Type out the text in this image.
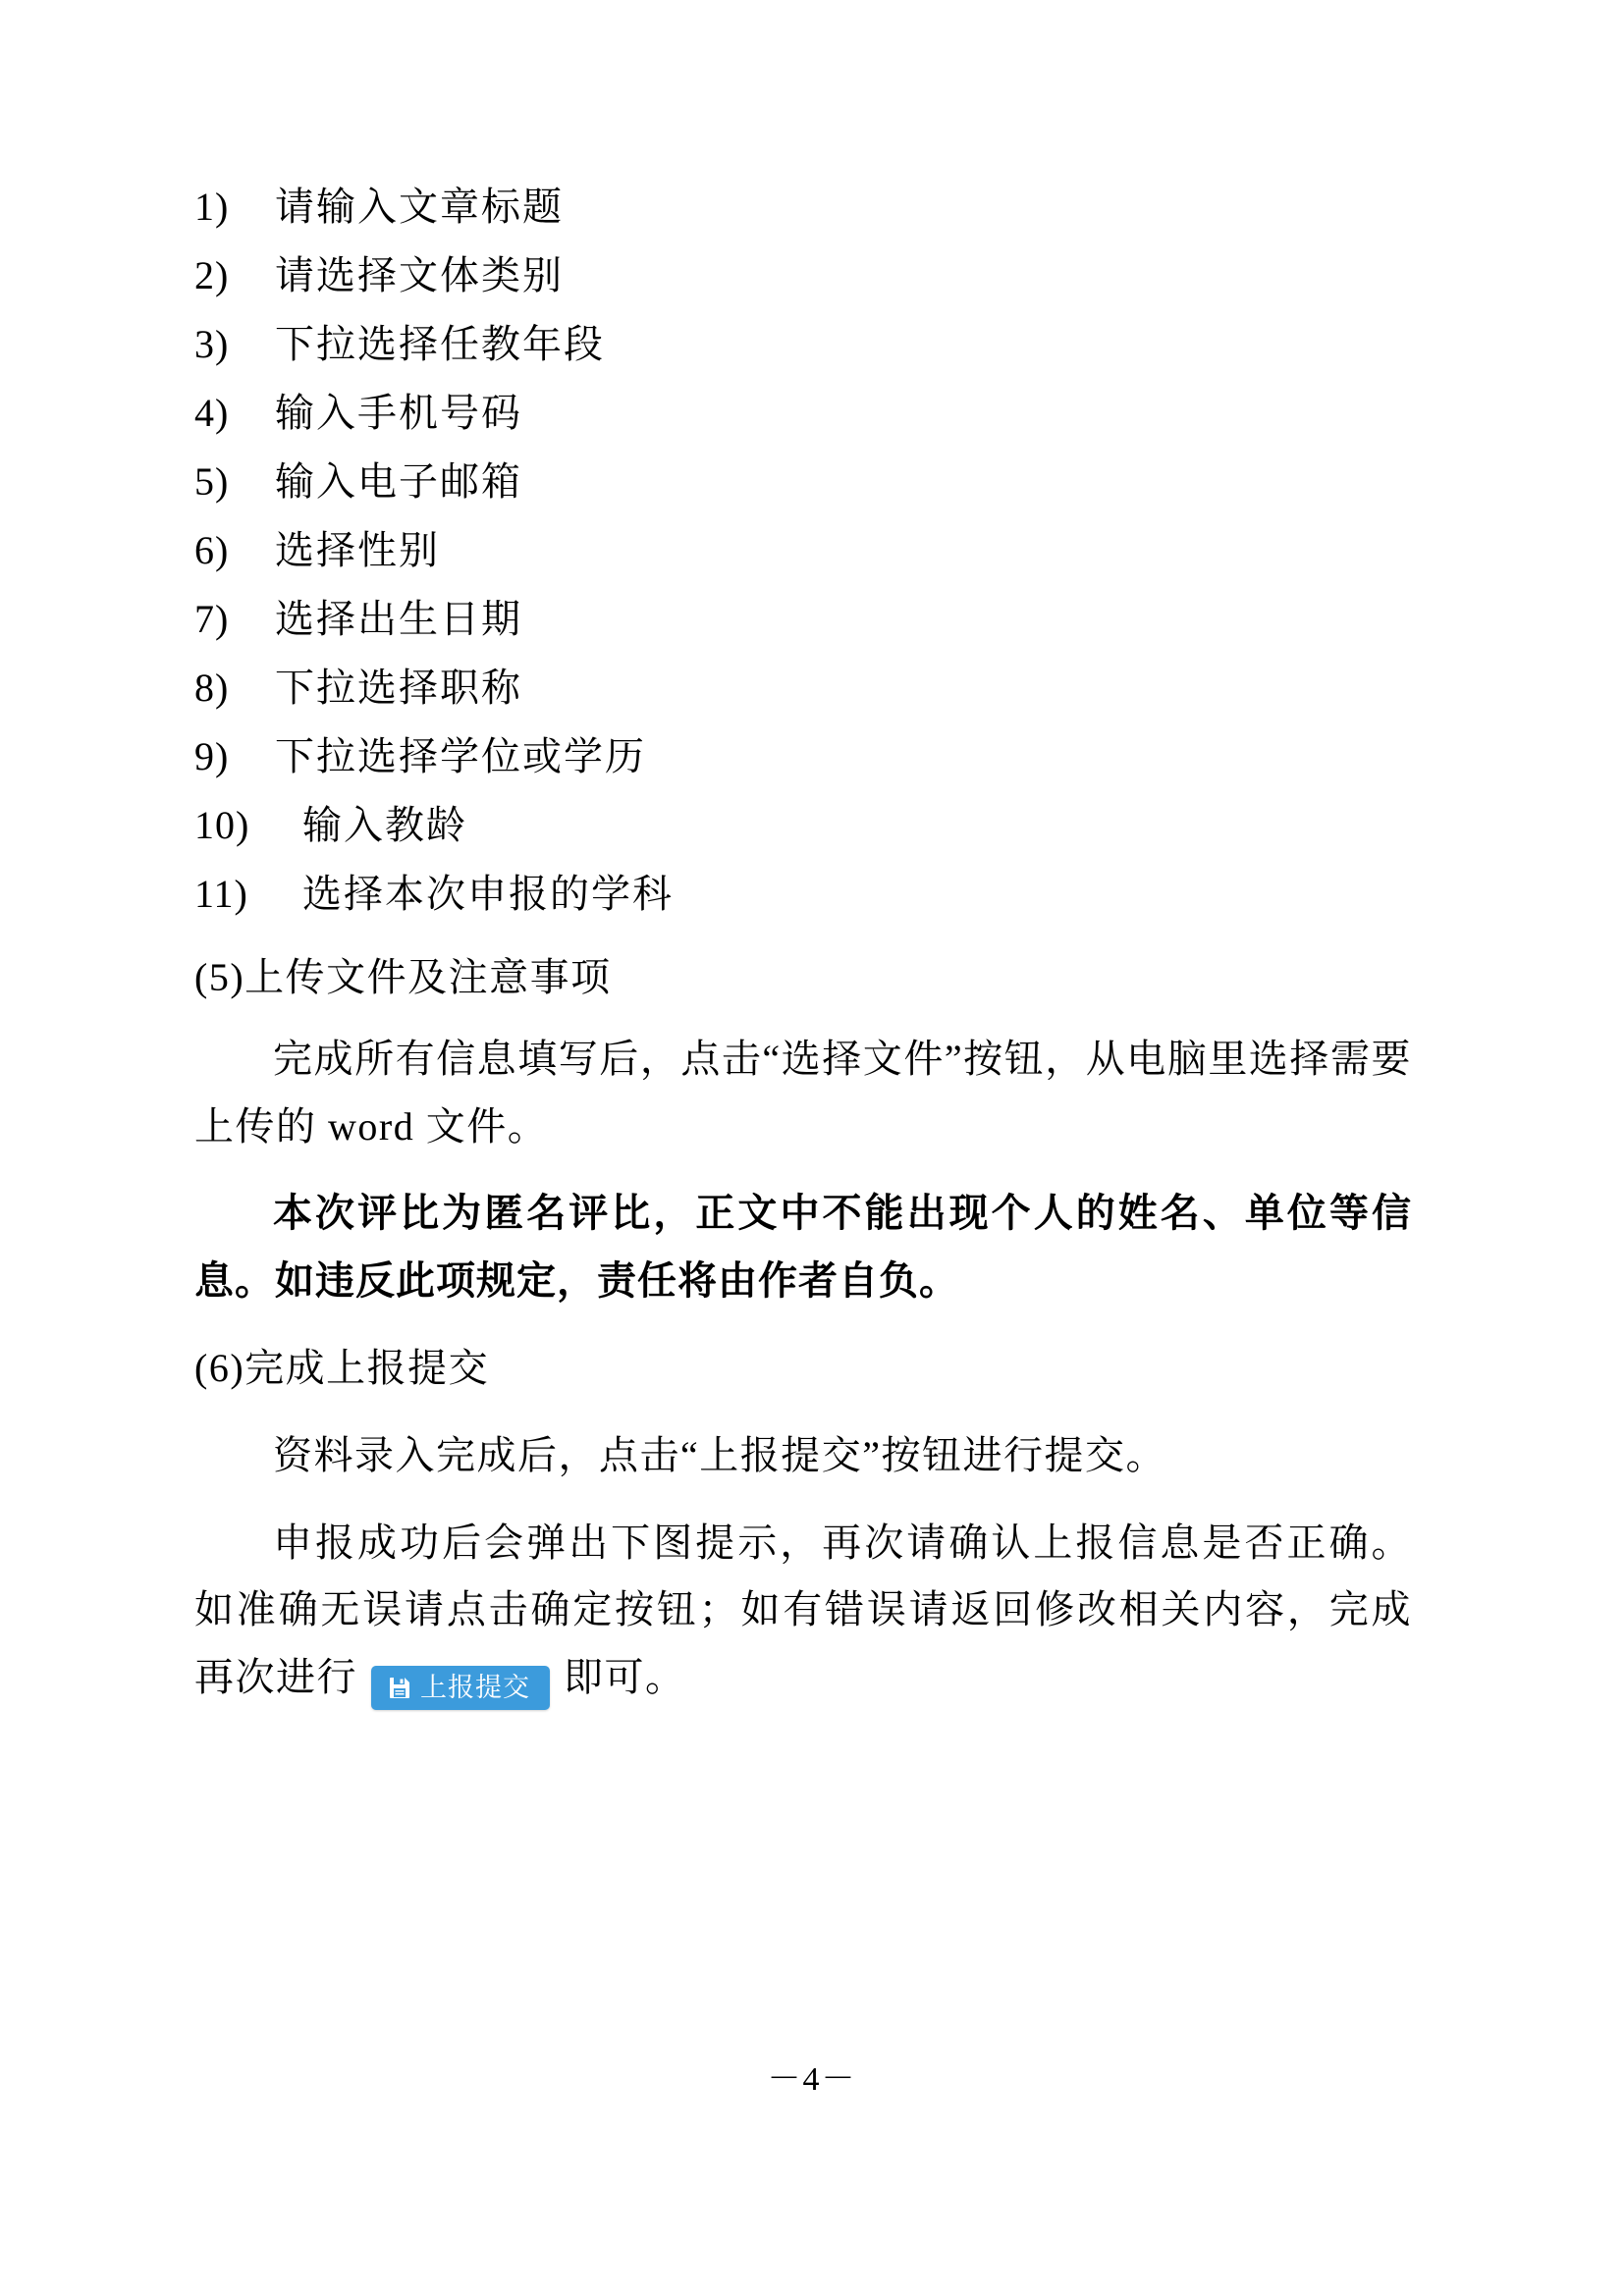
1) 请输入文章标题
2) 请选择文体类别
3) 下拉选择任教年段
4) 输入手机号码
5) 输入电子邮箱
6) 选择性别
7) 选择出生日期
8) 下拉选择职称
9) 下拉选择学位或学历
10) 输入教龄
11) 选择本次申报的学科

(5)上传文件及注意事项

完成所有信息填写后，点击“选择文件”按钮，从电脑里选择需要上传的 word 文件。

本次评比为匿名评比，正文中不能出现个人的姓名、单位等信息。如违反此项规定，责任将由作者自负。

(6)完成上报提交

资料录入完成后，点击“上报提交”按钮进行提交。

申报成功后会弹出下图提示，再次请确认上报信息是否正确。如准确无误请点击确定按钮；如有错误请返回修改相关内容，完成再次进行 上报提交 即可。

－4－
